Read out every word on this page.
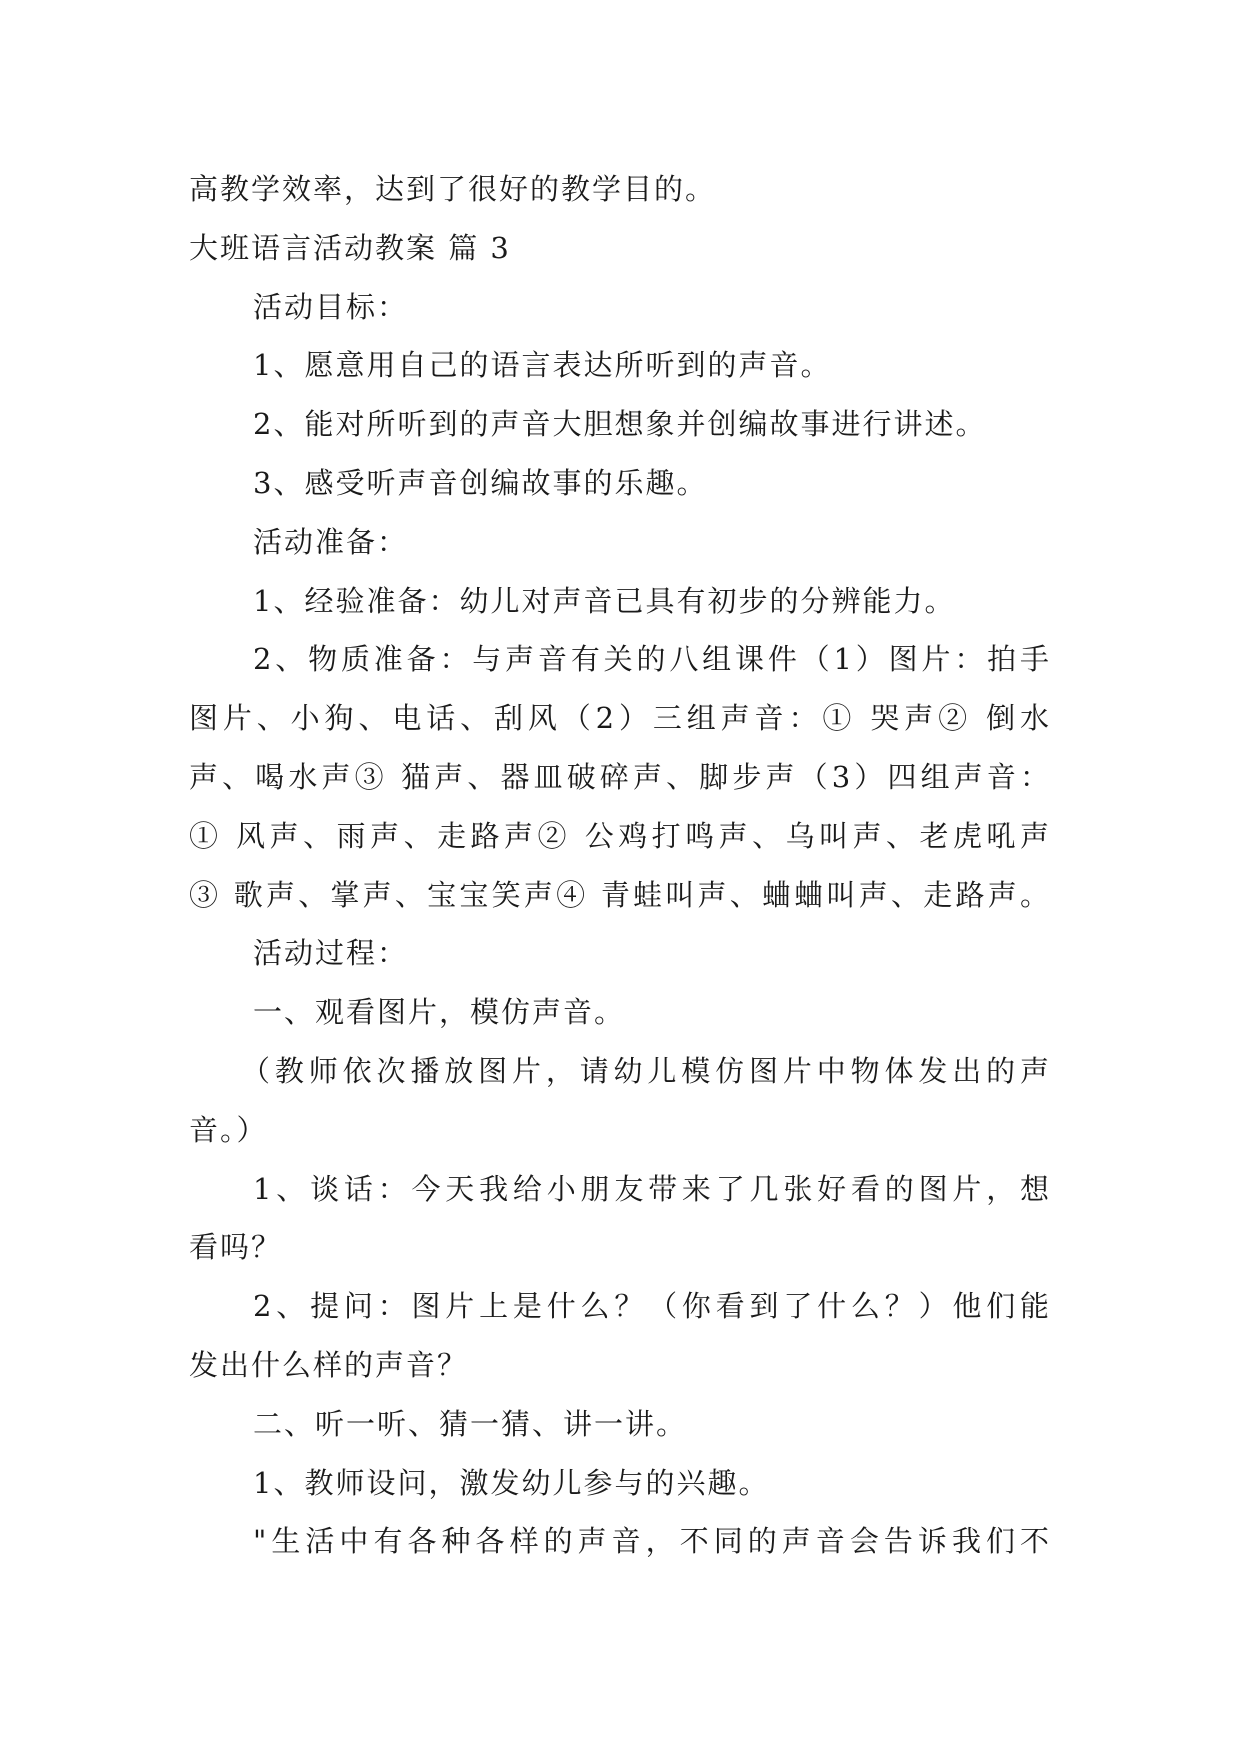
高教学效率，达到了很好的教学目的。
大班语言活动教案 篇 3
活动目标：
1、愿意用自己的语言表达所听到的声音。
2、能对所听到的声音大胆想象并创编故事进行讲述。
3、感受听声音创编故事的乐趣。
活动准备：
1、经验准备：幼儿对声音已具有初步的分辨能力。
2、物质准备：与声音有关的八组课件（1）图片：拍手
图片、小狗、电话、刮风（2）三组声音：① 哭声② 倒水
声、喝水声③ 猫声、器皿破碎声、脚步声（3）四组声音：
① 风声、雨声、走路声② 公鸡打鸣声、乌叫声、老虎吼声
③ 歌声、掌声、宝宝笑声④ 青蛙叫声、蛐蛐叫声、走路声。
活动过程：
一、观看图片，模仿声音。
（教师依次播放图片，请幼儿模仿图片中物体发出的声
音。）
1、谈话：今天我给小朋友带来了几张好看的图片，想
看吗？
2、提问：图片上是什么？（你看到了什么？）他们能
发出什么样的声音？
二、听一听、猜一猜、讲一讲。
1、教师设问，激发幼儿参与的兴趣。
"生活中有各种各样的声音，不同的声音会告诉我们不
